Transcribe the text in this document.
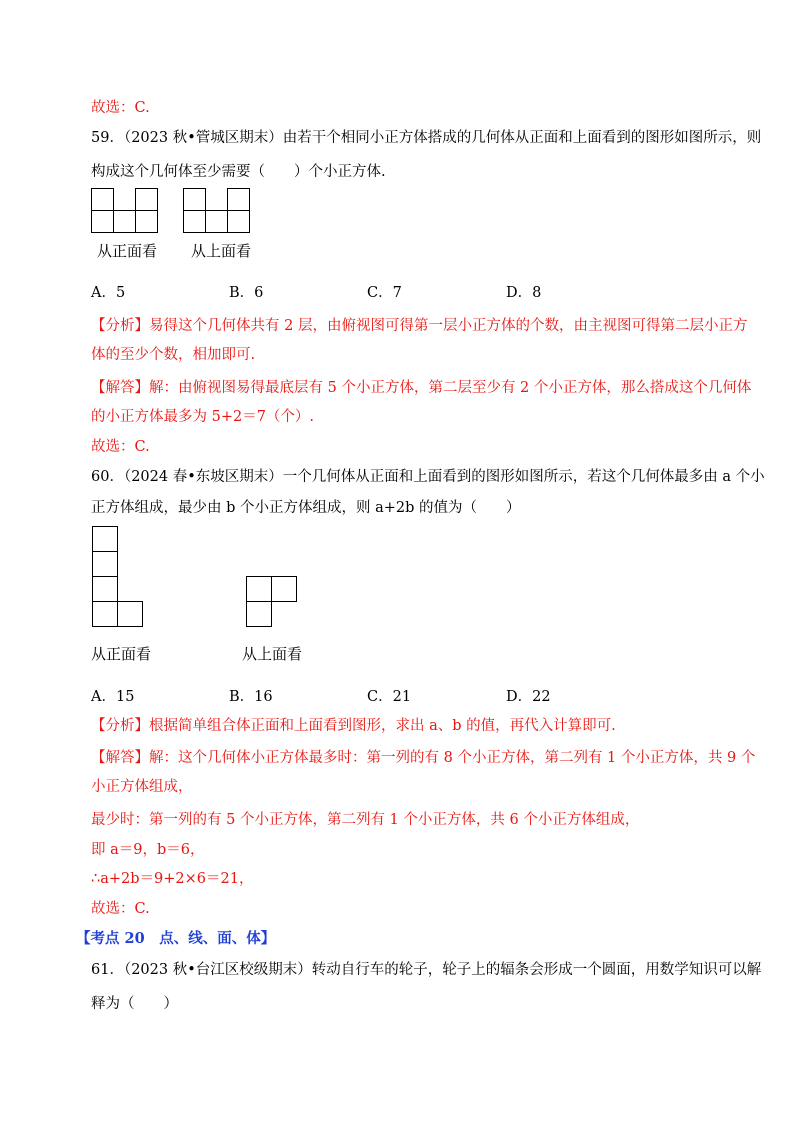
故选：C.
59．（2023 秋•管城区期末）由若干个相同小正方体搭成的几何体从正面和上面看到的图形如图所示，则
构成这个几何体至少需要（　　）个小正方体.
从正面看 从上面看
A．5	B．6	C．7	D．8
【分析】易得这个几何体共有 2 层，由俯视图可得第一层小正方体的个数，由主视图可得第二层小正方
体的至少个数，相加即可.
【解答】解：由俯视图易得最底层有 5 个小正方体，第二层至少有 2 个小正方体，那么搭成这个几何体
的小正方体最多为 5+2＝7（个）.
故选：C.
60．（2024 春•东坡区期末）一个几何体从正面和上面看到的图形如图所示，若这个几何体最多由 a 个小
正方体组成，最少由 b 个小正方体组成，则 a+2b 的值为（　　）
从正面看	从上面看
A．15	B．16	C．21	D．22
【分析】根据简单组合体正面和上面看到图形，求出 a、b 的值，再代入计算即可.
【解答】解：这个几何体小正方体最多时：第一列的有 8 个小正方体，第二列有 1 个小正方体，共 9 个
小正方体组成，
最少时：第一列的有 5 个小正方体，第二列有 1 个小正方体，共 6 个小正方体组成，
即 a＝9，b＝6，
∴a+2b＝9+2×6＝21，
故选：C.
【考点 20　点、线、面、体】
61．（2023 秋•台江区校级期末）转动自行车的轮子，轮子上的辐条会形成一个圆面，用数学知识可以解
释为（　　）
